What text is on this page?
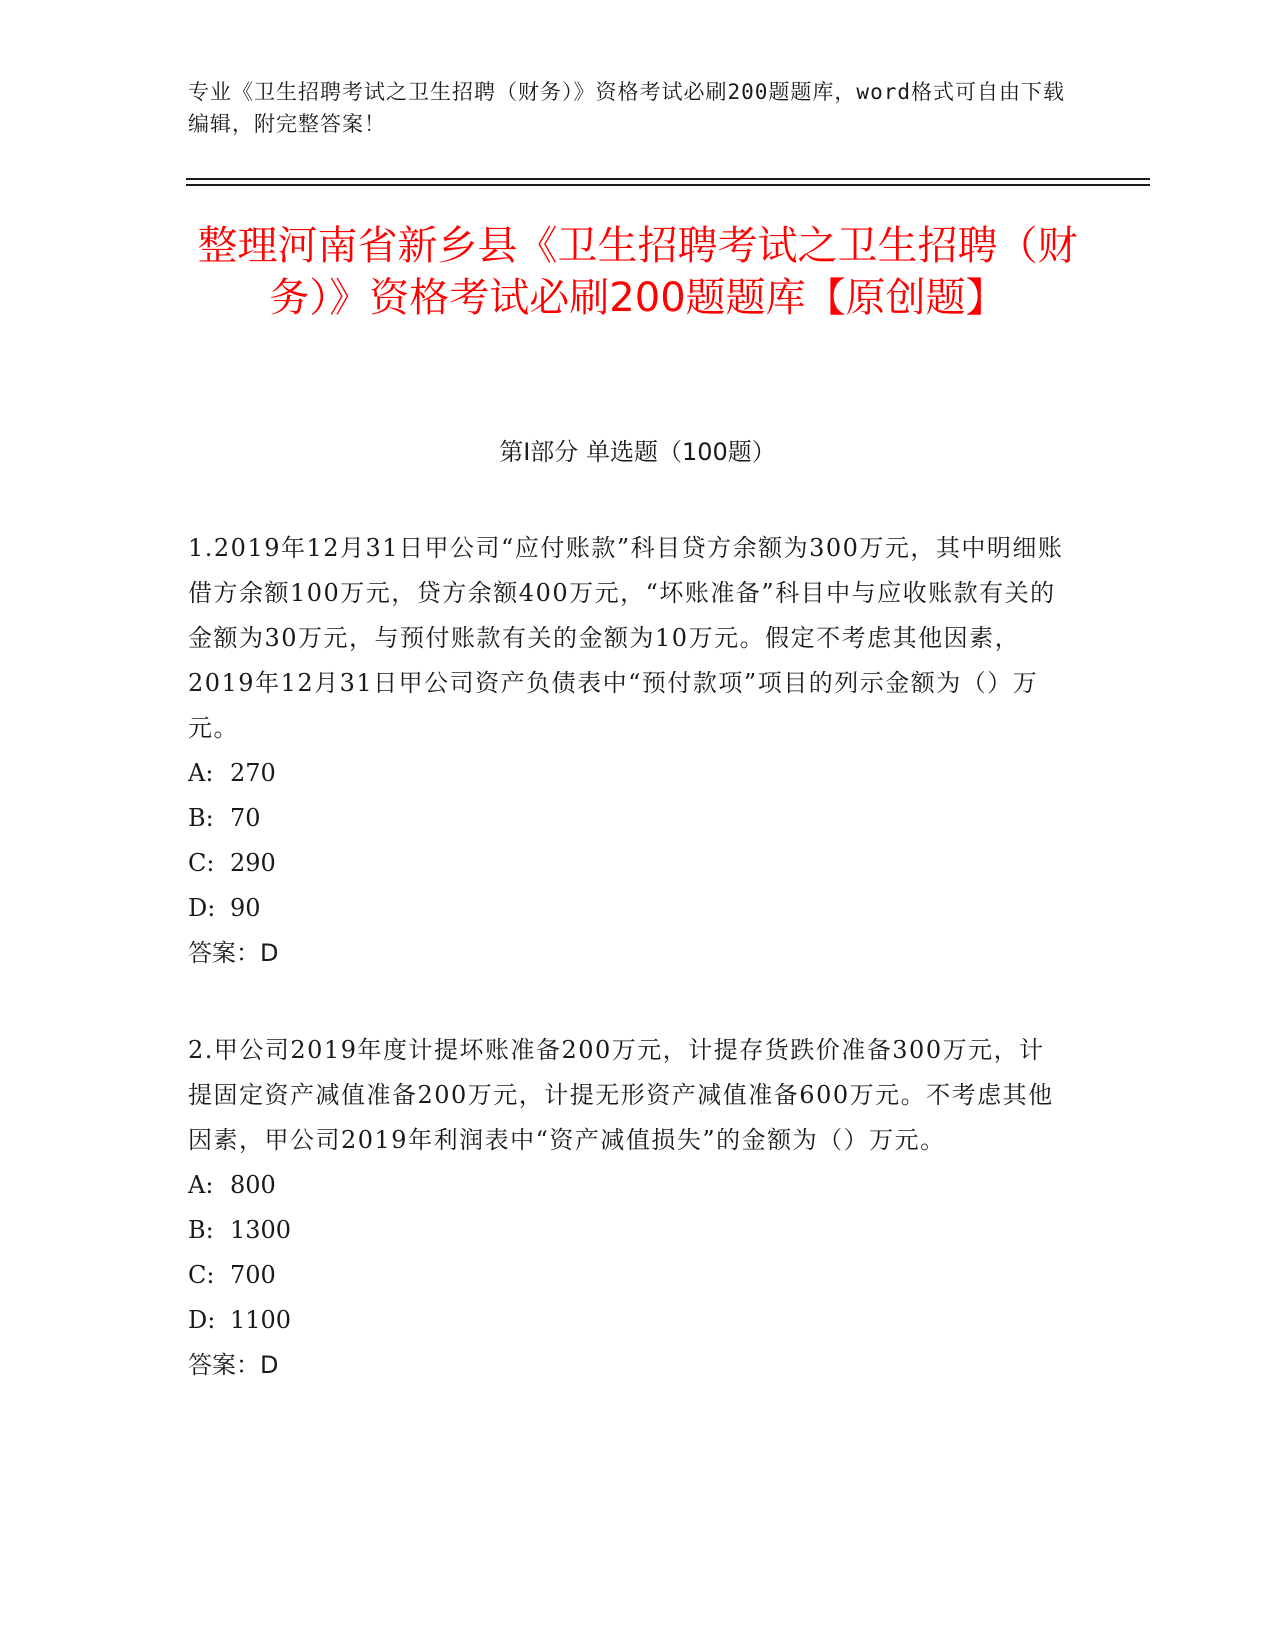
专业《卫生招聘考试之卫生招聘（财务）》资格考试必刷200题题库，word格式可自由下载编辑，附完整答案！
整理河南省新乡县《卫生招聘考试之卫生招聘（财务）》资格考试必刷200题题库【原创题】
第I部分 单选题（100题）

1.2019年12月31日甲公司“应付账款”科目贷方余额为300万元，其中明细账借方余额100万元，贷方余额400万元，“坏账准备”科目中与应收账款有关的金额为30万元，与预付账款有关的金额为10万元。假定不考虑其他因素，2019年12月31日甲公司资产负债表中“预付款项”项目的列示金额为（）万元。

A: 270

B: 70

C: 290

D: 90

答案：D

2.甲公司2019年度计提坏账准备200万元，计提存货跌价准备300万元，计提固定资产减值准备200万元，计提无形资产减值准备600万元。不考虑其他因素，甲公司2019年利润表中“资产减值损失”的金额为（）万元。

A: 800

B: 1300

C: 700

D: 1100

答案：D
